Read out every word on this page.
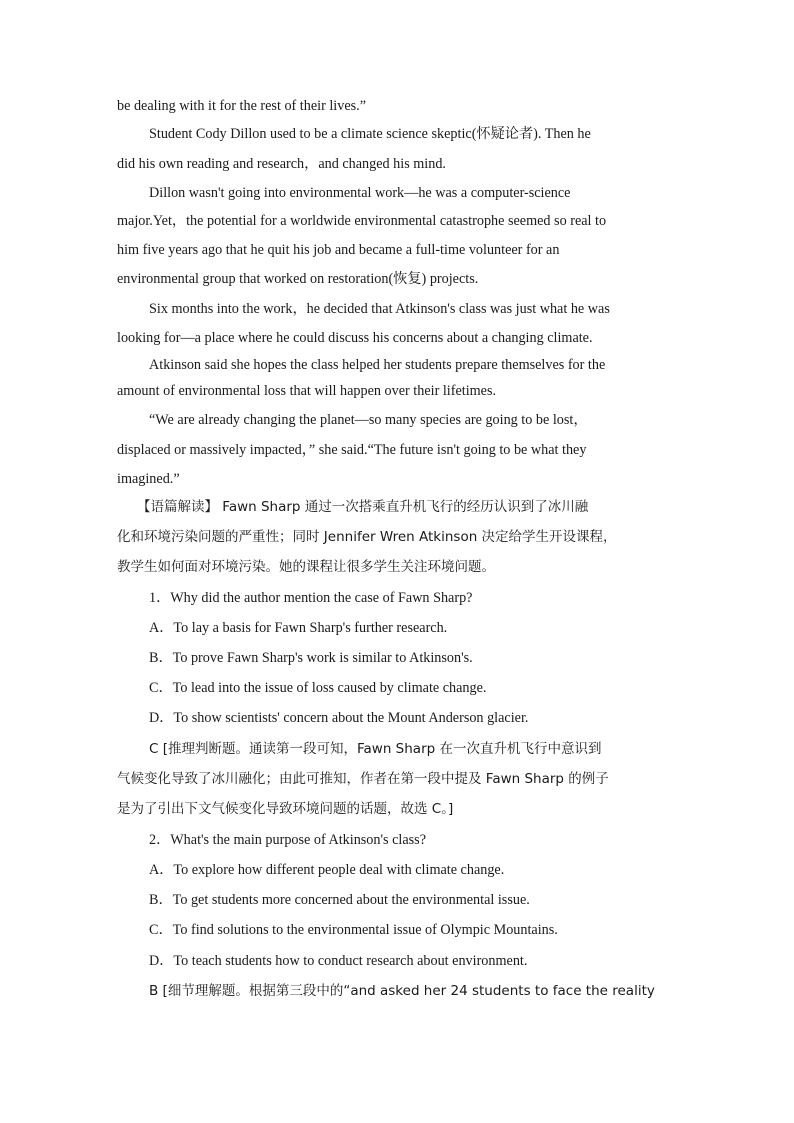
be dealing with it for the rest of their lives.”
Student Cody Dillon used to be a climate science skeptic(怀疑论者). Then he
did his own reading and research，and changed his mind.
Dillon wasn't going into environmental work—he was a computer-science
major.Yet，the potential for a worldwide environmental catastrophe seemed so real to
him five years ago that he quit his job and became a full-time volunteer for an
environmental group that worked on restoration(恢复) projects.
Six months into the work，he decided that Atkinson's class was just what he was
looking for—a place where he could discuss his concerns about a changing climate.
Atkinson said she hopes the class helped her students prepare themselves for the
amount of environmental loss that will happen over their lifetimes.
“We are already changing the planet—so many species are going to be lost，
displaced or massively impacted，” she said.“The future isn't going to be what they
imagined.”
【语篇解读】 Fawn Sharp 通过一次搭乘直升机飞行的经历认识到了冰川融
化和环境污染问题的严重性；同时 Jennifer Wren Atkinson 决定给学生开设课程，
教学生如何面对环境污染。她的课程让很多学生关注环境问题。
1．Why did the author mention the case of Fawn Sharp?
A．To lay a basis for Fawn Sharp's further research.
B．To prove Fawn Sharp's work is similar to Atkinson's.
C．To lead into the issue of loss caused by climate change.
D．To show scientists' concern about the Mount Anderson glacier.
C [推理判断题。通读第一段可知，Fawn Sharp 在一次直升机飞行中意识到
气候变化导致了冰川融化；由此可推知，作者在第一段中提及 Fawn Sharp 的例子
是为了引出下文气候变化导致环境问题的话题，故选 C。]
2．What's the main purpose of Atkinson's class?
A．To explore how different people deal with climate change.
B．To get students more concerned about the environmental issue.
C．To find solutions to the environmental issue of Olympic Mountains.
D．To teach students how to conduct research about environment.
B [细节理解题。根据第三段中的“and asked her 24 students to face the reality
